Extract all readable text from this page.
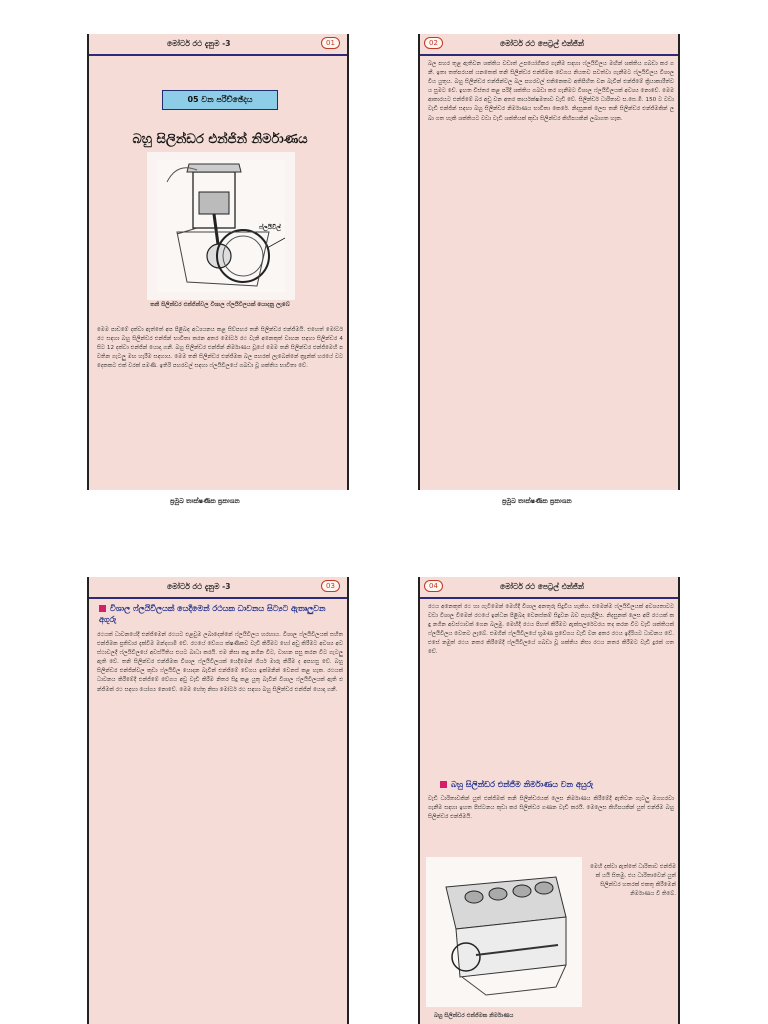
මෝටර් රථ දැනුම -3	01
05 වන පරිච්ඡේදය
බහු සිලින්ඩර එන්ජින් නිර්මාණය
ෆ්ලයිවීල්
තනි සිලින්ඩර එන්ජින්වල විශාල ෆ්ලයිවීලයක් යොදනු ලැබේ
මෙම පාඩමේ දක්වා ඇත්තේ අප පිළිබඳ අධ්‍යයනය කළ සිව්පහර තනි සිලින්ඩර එන්ජිමයි. එහෙත් මෝටර් රථ සඳහා බහු සිලින්ඩර එන්ජින් භාවිතා කරන අතර මෝටර් රථ වැනි අනෙකුත් වාහන සඳහා සිලින්ඩර 4 සිට 12 දක්වා එන්ජින් යොදා ගනී. බහු සිලින්ඩර එන්ජින් නිර්මාණය වූයේ මෙම තනි සිලින්ඩර එන්ජිමෙහි පවතින ගැටලු මඟ හැරීම සඳහාය. මෙම තනි සිලින්ඩර එන්ජිමක බල පහරක් ලැබෙන්නේ ක්‍රෑන්ක් හරයේ වට දෙකකට එක් වරක් පමණි. ඉතිරි පහරවල් සඳහා ෆ්ලයිවීලයේ ගබඩා වූ ශක්තිය භාවිතා වේ.
02	මෝටර් රථ පෙට්‍රල් එන්ජින්
බල පහර තුළ ඇතිවන ශක්තිය වඩාත් උපයෝගීකර ගැනීම සඳහා ෆ්ලයිවීලය මඟින් ශක්තිය ගබඩා කර ගනී. ඉතා තත්පරයක් යනතෙක් තනි සිලින්ඩර එන්ජිමක වේගය නියතව පවත්වා ගැනීමට ෆ්ලයිවීලය විශාල විය යුතුය. බහු සිලින්ඩර එන්ජින්වල බල පහරවල් එකිනෙකට අතිපිහිත වන බැවින් එන්ජිමේ ක්‍රියාකාරීත්වය සුමට වේ. ඉහත විස්තර කළ පරිදි ශක්තිය ගබඩා කර ගැනීමට විශාල ෆ්ලයිවීලයක් අවශ්‍ය නොවේ. මෙම ආකාරයට එන්ජිමේ බර අඩු වන අතර කාර්යක්ෂමතාව වැඩි වේ. සිලින්ඩර් ධාරිතාව ඝ.සෙ.මි. 150 ට වඩා වැඩි එන්ජින් සඳහා බහු සිලින්ඩර නිර්මාණය භාවිතා කෙරේ. නිදසුනක් ලෙස තනි සිලින්ඩර එන්ජිමකින් ලබා ගත හැකි ශක්තියට වඩා වැඩි ශක්තියක් කුඩා සිලින්ඩර කිහිපයකින් ලබාගත හැක.
ප්‍රමුඛ තාක්ෂණික ප්‍රකාශන	ප්‍රමුඛ තාක්ෂණික ප්‍රකාශන
මෝටර් රථ දැනුම -3	03
විශාල ෆ්ලයිවීලයක් යෙදීමෙන් රථයක ධාවනය සිට්‍යට ඇතෘලුවන අගුරු
රථයක් ධාවනයේදී එන්ජිමෙන් රථයට එළවුම ලබාදෙන්නේ ෆ්ලයිවීලය හරහාය. විශාල ෆ්ලයිවීලයක් සහිත එන්ජිමක ප්‍රතිචාර දැක්වීම මන්දගාමී වේ. රථයේ වේගය ක්ෂණිකව වැඩි කිරීමට හෝ අඩු කිරීමට අවශ්‍ය අවස්ථාවලදී ෆ්ලයිවීලයේ අවස්ථිතිය එයට බාධා කරයි. එම නිසා කඳු නගින විට, වාහන පසු කරන විට ගැටලු ඇති වේ. තනි සිලින්ඩර එන්ජිමක විශාල ෆ්ලයිවීලයක් යෙදීමෙන් ගියර් මාරු කිරීම ද අපහසු වේ. බහු සිලින්ඩර එන්ජින්වල කුඩා ෆ්ලයිවීල යොදන බැවින් එන්ජිමේ වේගය ඉක්මනින් වෙනස් කළ හැක. රථයක් ධාවනය කිරීමේදී එන්ජිමේ වේගය අඩු වැඩි කිරීම නිතර සිදු කළ යුතු බැවින් විශාල ෆ්ලයිවීලයක් ඇති එන්ජිමක් රථ සඳහා යෝග්‍ය නොවේ. මෙම හේතු නිසා මෝටර් රථ සඳහා බහු සිලින්ඩර එන්ජින් යොදා ගනී.
04	මෝටර් රථ පෙට්‍රල් එන්ජින්
රථය අනෙකුත් රථ හා ගැටීමෙන් මෙහිදී විශාල අනතුරු සිදුවිය හැකිය. එමෙන්ම ෆ්ලයිවීලයක් අවශ්‍යතාවට වඩා විශාල වීමෙන් රථයේ ඉන්ධන පිළිබඳ වෙනස්කම් සිදුවන බව පැහැදිලිය. නිදසුනක් ලෙස අපි රථයක් කඳු නගින අවස්ථාවක් ගෙන බලමු. මෙහිදී රථය පිහත් කිරීමට ඇක්සලරේටරය තද කරන විට වැඩි ශක්තියක් ෆ්ලයිවීලය වෙතට ලැබේ. එමගින් ෆ්ලයිවීලයේ භ්‍රමණ ප්‍රවේගය වැඩි වන අතර රථය ඉදිරියට ධාවනය වේ. එසේ නමුත් රථය නතර කිරීමේදී ෆ්ලයිවීලයේ ගබඩා වූ ශක්තිය නිසා රථය නතර කිරීමට වැඩි දුරක් ගත වේ.
බහු සිලින්ඩර එන්ජිම නිර්මාණය වන අයුරු
වැඩි ධාරිතාවකින් යුත් එන්ජිමක් තනි සිලින්ඩරයක් ලෙස නිර්මාණය කිරීමේදී ඇතිවන ගැටලු මගහරවා ගැනීම සඳහා ඉහත පිස්ටනය කුඩා කර සිලින්ඩර ගණන වැඩි කරයි. මෙලෙස කිහිපයකින් යුත් එන්ජිම බහු සිලින්ඩර එන්ජිමයි.
මෙහි දක්වා ඇත්තේ ධාරිතාව එන්ජිමක් යයි සිතමු. එය ධාරිතාවෙන් යුත් සිලින්ඩර හතරක් එකතු කිරීමෙන් නිර්මාණය වී තිබේ.
බහු සිලින්ඩර එන්ජිමක නිර්මාණය
